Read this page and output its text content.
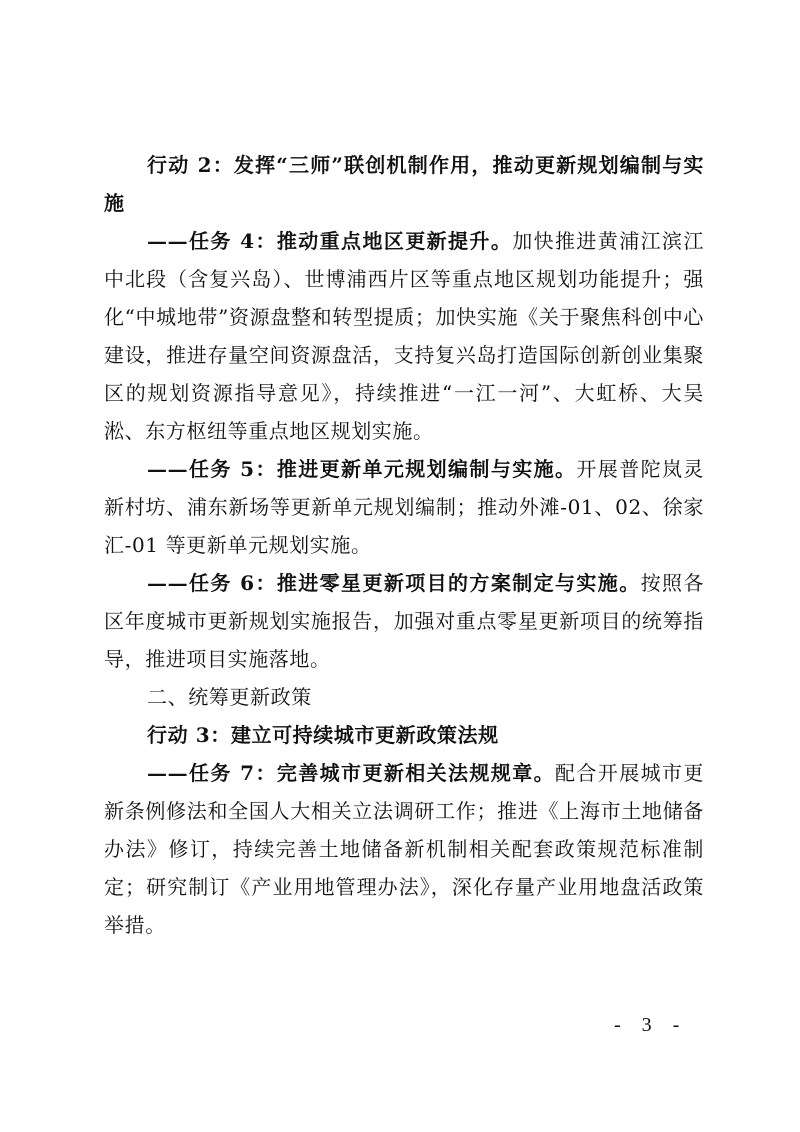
行动 2：发挥“三师”联创机制作用，推动更新规划编制与实施

——任务 4：推动重点地区更新提升。加快推进黄浦江滨江中北段（含复兴岛）、世博浦西片区等重点地区规划功能提升；强化“中城地带”资源盘整和转型提质；加快实施《关于聚焦科创中心建设，推进存量空间资源盘活，支持复兴岛打造国际创新创业集聚区的规划资源指导意见》，持续推进“一江一河”、大虹桥、大吴淞、东方枢纽等重点地区规划实施。

——任务 5：推进更新单元规划编制与实施。开展普陀岚灵新村坊、浦东新场等更新单元规划编制；推动外滩-01、02、徐家汇-01 等更新单元规划实施。

——任务 6：推进零星更新项目的方案制定与实施。按照各区年度城市更新规划实施报告，加强对重点零星更新项目的统筹指导，推进项目实施落地。

二、统筹更新政策

行动 3：建立可持续城市更新政策法规

——任务 7：完善城市更新相关法规规章。配合开展城市更新条例修法和全国人大相关立法调研工作；推进《上海市土地储备办法》修订，持续完善土地储备新机制相关配套政策规范标准制定；研究制订《产业用地管理办法》，深化存量产业用地盘活政策举措。

- 3 -
